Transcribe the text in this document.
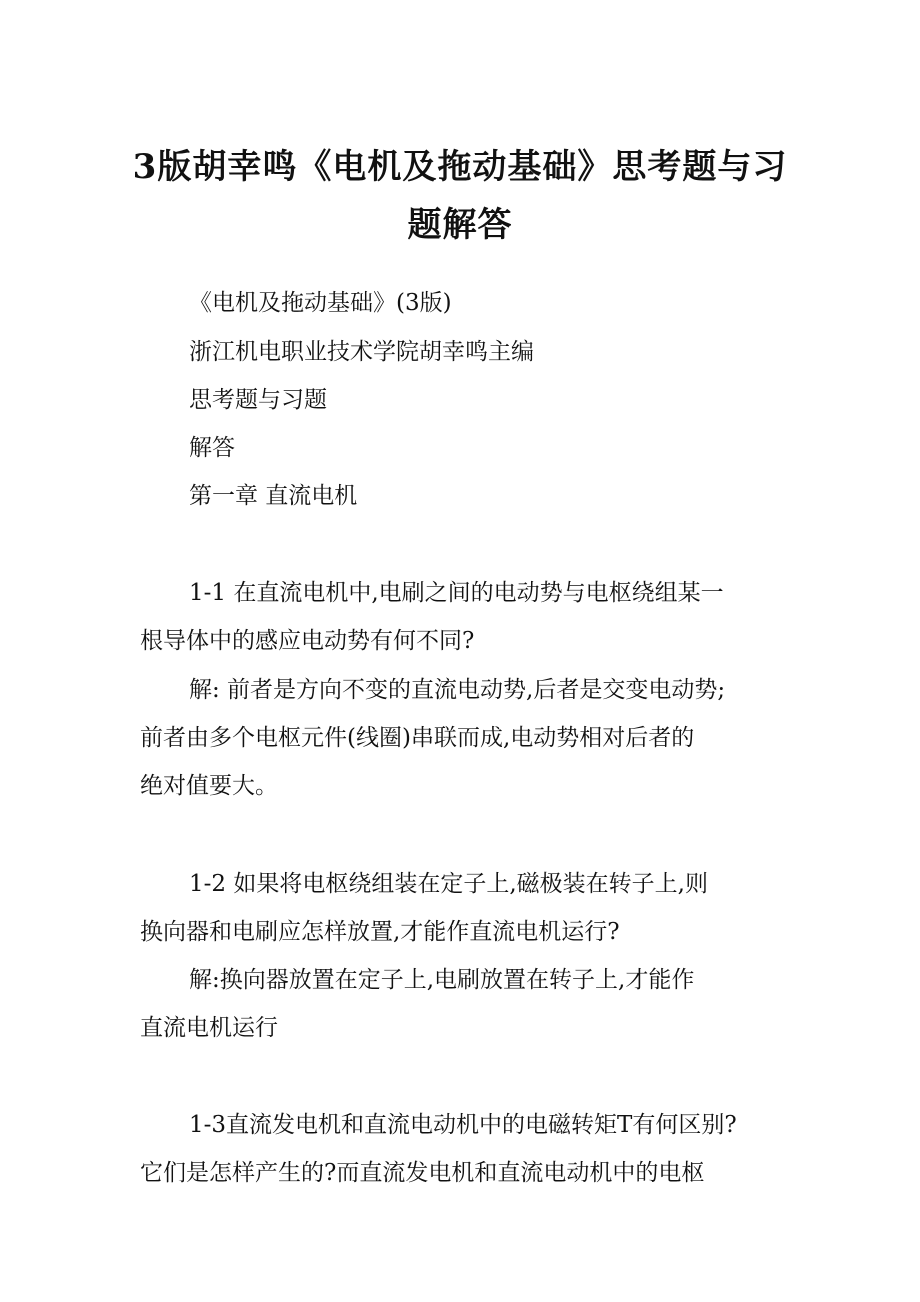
3版胡幸鸣《电机及拖动基础》思考题与习
题解答
《电机及拖动基础》(3版)
浙江机电职业技术学院胡幸鸣主编
思考题与习题
解答
第一章 直流电机
1-1 在直流电机中,电刷之间的电动势与电枢绕组某一
根导体中的感应电动势有何不同?
解: 前者是方向不变的直流电动势,后者是交变电动势;
前者由多个电枢元件(线圈)串联而成,电动势相对后者的
绝对值要大。
1-2 如果将电枢绕组装在定子上,磁极装在转子上,则
换向器和电刷应怎样放置,才能作直流电机运行?
解:换向器放置在定子上,电刷放置在转子上,才能作
直流电机运行
1-3直流发电机和直流电动机中的电磁转矩T有何区别?
它们是怎样产生的?而直流发电机和直流电动机中的电枢
